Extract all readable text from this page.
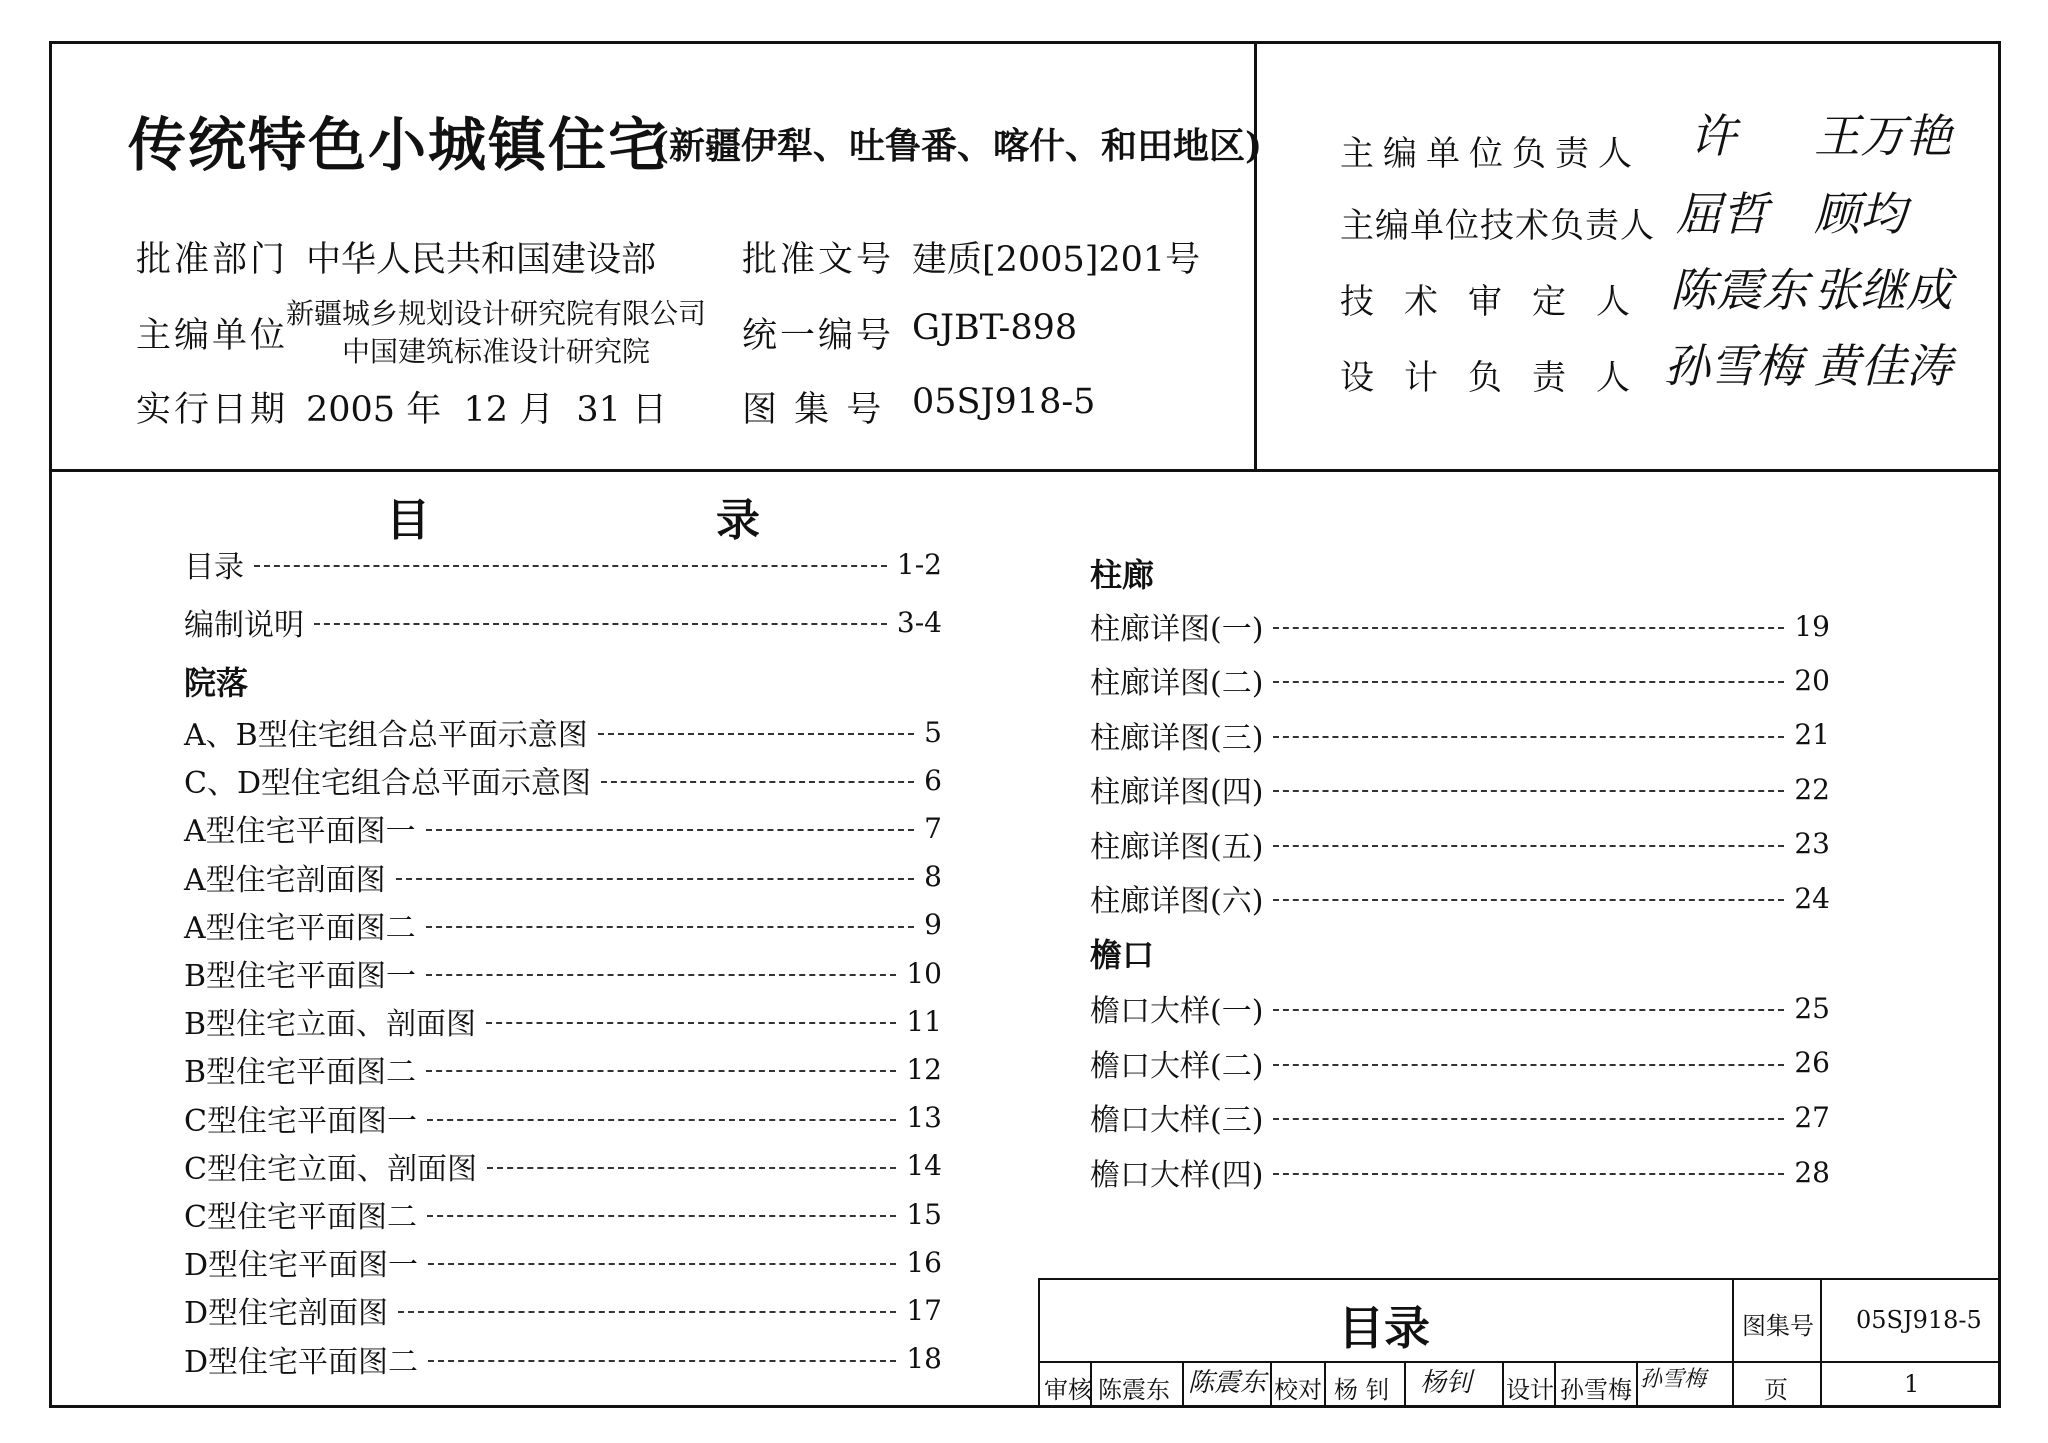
传统特色小城镇住宅
(新疆伊犁、吐鲁番、喀什、和田地区)
批准部门 中华人民共和国建设部 批准文号 建质[2005]201号
主编单位
新疆城乡规划设计研究院有限公司
中国建筑标准设计研究院	统一编号 GJBT-898
实行日期 2005 年  12 月  31 日 图 集 号 05SJ918-5
主编单位负责人 许 王万艳
主编单位技术负责人 屈哲 顾均
技术审定人 陈震东 张继成
设计负责人 孙雪梅 黄佳涛
目	录
目录	1-2
编制说明	3-4
院落
A、B型住宅组合总平面示意图	5
C、D型住宅组合总平面示意图	6
A型住宅平面图一	7
A型住宅剖面图	8
A型住宅平面图二	9
B型住宅平面图一	10
B型住宅立面、剖面图	11
B型住宅平面图二	12
C型住宅平面图一	13
C型住宅立面、剖面图	14
C型住宅平面图二	15
D型住宅平面图一	16
D型住宅剖面图	17
D型住宅平面图二	18
柱廊
柱廊详图(一)	19
柱廊详图(二)	20
柱廊详图(三)	21
柱廊详图(四)	22
柱廊详图(五)	23
柱廊详图(六)	24
檐口
檐口大样(一)	25
檐口大样(二)	26
檐口大样(三)	27
檐口大样(四)	28
目录	图集号 05SJ918-5
审核 陈震东 陈震东 校对 杨 钊 杨钊 设计 孙雪梅 孙雪梅 页	1
